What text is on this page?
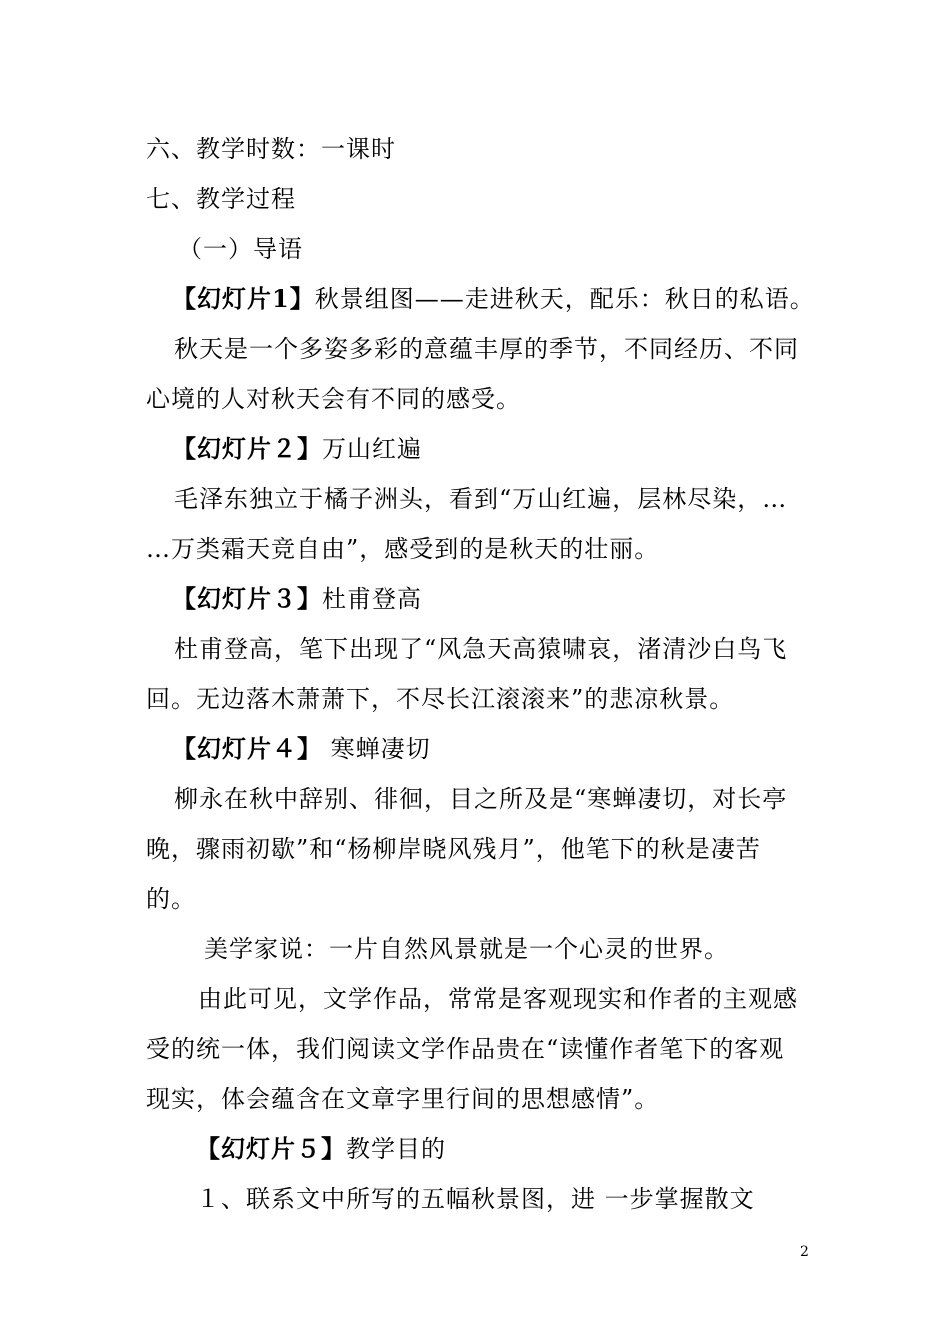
六、教学时数：一课时
七、教学过程
（一）导语
【幻灯片1】秋景组图——走进秋天，配乐：秋日的私语。
秋天是一个多姿多彩的意蕴丰厚的季节，不同经历、不同
心境的人对秋天会有不同的感受。
【幻灯片２】万山红遍
毛泽东独立于橘子洲头，看到“万山红遍，层林尽染，…
…万类霜天竞自由”，感受到的是秋天的壮丽。
【幻灯片３】杜甫登高
杜甫登高，笔下出现了“风急天高猿啸哀，渚清沙白鸟飞
回。无边落木萧萧下，不尽长江滚滚来”的悲凉秋景。
【幻灯片４】 寒蝉凄切
柳永在秋中辞别、徘徊，目之所及是“寒蝉凄切，对长亭
晚，骤雨初歇”和“杨柳岸晓风残月”，他笔下的秋是凄苦
的。
美学家说：一片自然风景就是一个心灵的世界。
由此可见，文学作品，常常是客观现实和作者的主观感
受的统一体，我们阅读文学作品贵在“读懂作者笔下的客观
现实，体会蕴含在文章字里行间的思想感情”。
【幻灯片５】教学目的
１、联系文中所写的五幅秋景图，进 一步掌握散文
2
